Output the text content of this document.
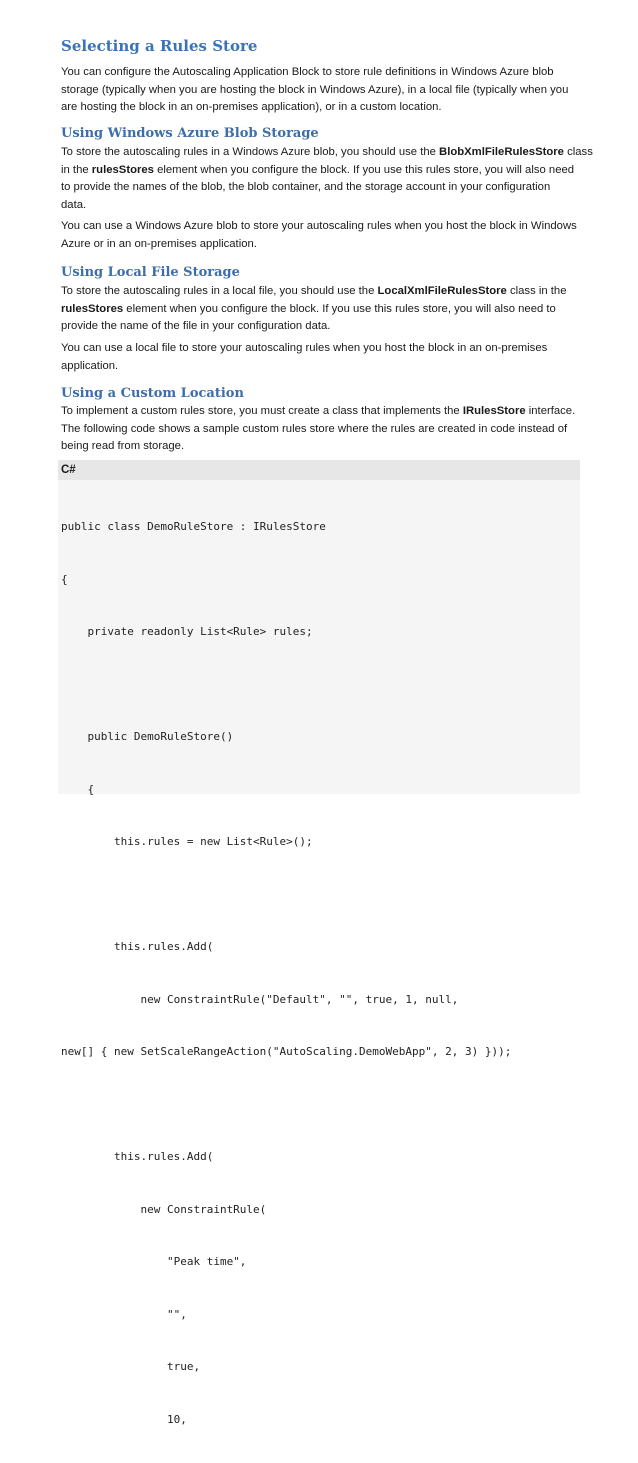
Selecting a Rules Store
You can configure the Autoscaling Application Block to store rule definitions in Windows Azure blob
storage (typically when you are hosting the block in Windows Azure), in a local file (typically when you
are hosting the block in an on-premises application), or in a custom location.
Using Windows Azure Blob Storage
To store the autoscaling rules in a Windows Azure blob, you should use the BlobXmlFileRulesStore class
in the rulesStores element when you configure the block. If you use this rules store, you will also need
to provide the names of the blob, the blob container, and the storage account in your configuration
data.
You can use a Windows Azure blob to store your autoscaling rules when you host the block in Windows
Azure or in an on-premises application.
Using Local File Storage
To store the autoscaling rules in a local file, you should use the LocalXmlFileRulesStore class in the
rulesStores element when you configure the block. If you use this rules store, you will also need to
provide the name of the file in your configuration data.
You can use a local file to store your autoscaling rules when you host the block in an on-premises
application.
Using a Custom Location
To implement a custom rules store, you must create a class that implements the IRulesStore interface.
The following code shows a sample custom rules store where the rules are created in code instead of
being read from storage.
C#

public class DemoRuleStore : IRulesStore

{

private readonly List<Rule> rules;

public DemoRuleStore()

{

this.rules = new List<Rule>();

this.rules.Add(

new ConstraintRule("Default", "", true, 1, null,

new[] { new SetScaleRangeAction("AutoScaling.DemoWebApp", 2, 3) }));

this.rules.Add(

new ConstraintRule(

"Peak time",

"",

true,

10,
